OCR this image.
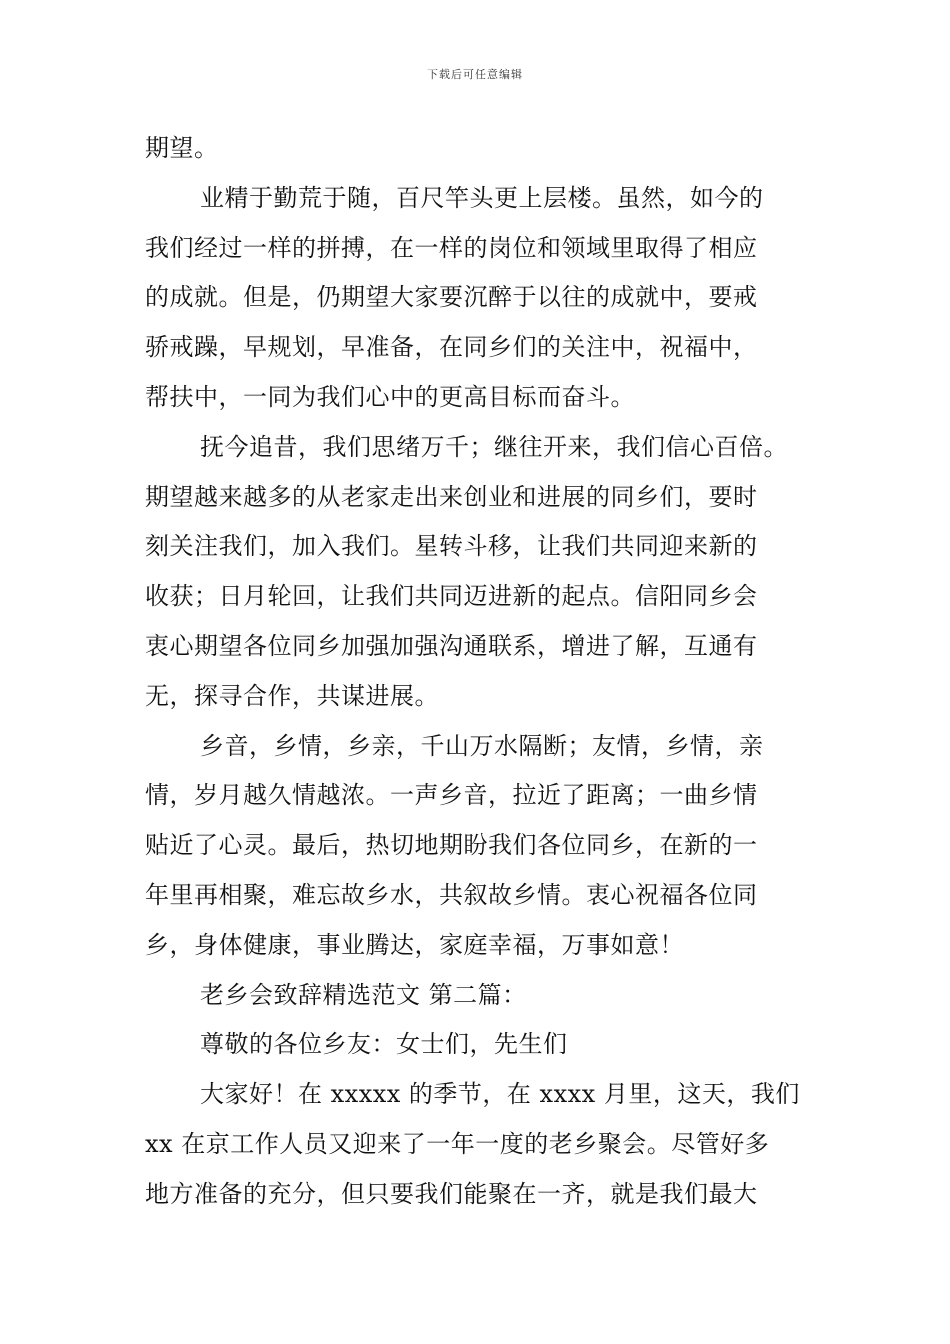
下载后可任意编辑
期望。
业精于勤荒于随，百尺竿头更上层楼。虽然，如今的
我们经过一样的拼搏，在一样的岗位和领域里取得了相应
的成就。但是，仍期望大家要沉醉于以往的成就中，要戒
骄戒躁，早规划，早准备，在同乡们的关注中，祝福中，
帮扶中，一同为我们心中的更高目标而奋斗。
抚今追昔，我们思绪万千；继往开来，我们信心百倍。
期望越来越多的从老家走出来创业和进展的同乡们，要时
刻关注我们，加入我们。星转斗移，让我们共同迎来新的
收获；日月轮回，让我们共同迈进新的起点。信阳同乡会
衷心期望各位同乡加强加强沟通联系，增进了解，互通有
无，探寻合作，共谋进展。
乡音，乡情，乡亲，千山万水隔断；友情，乡情，亲
情，岁月越久情越浓。一声乡音，拉近了距离；一曲乡情
贴近了心灵。最后，热切地期盼我们各位同乡，在新的一
年里再相聚，难忘故乡水，共叙故乡情。衷心祝福各位同
乡，身体健康，事业腾达，家庭幸福，万事如意！
老乡会致辞精选范文 第二篇：
尊敬的各位乡友：女士们，先生们
大家好！在 xxxxx 的季节，在 xxxx 月里，这天，我们
xx 在京工作人员又迎来了一年一度的老乡聚会。尽管好多
地方准备的充分，但只要我们能聚在一齐，就是我们最大
